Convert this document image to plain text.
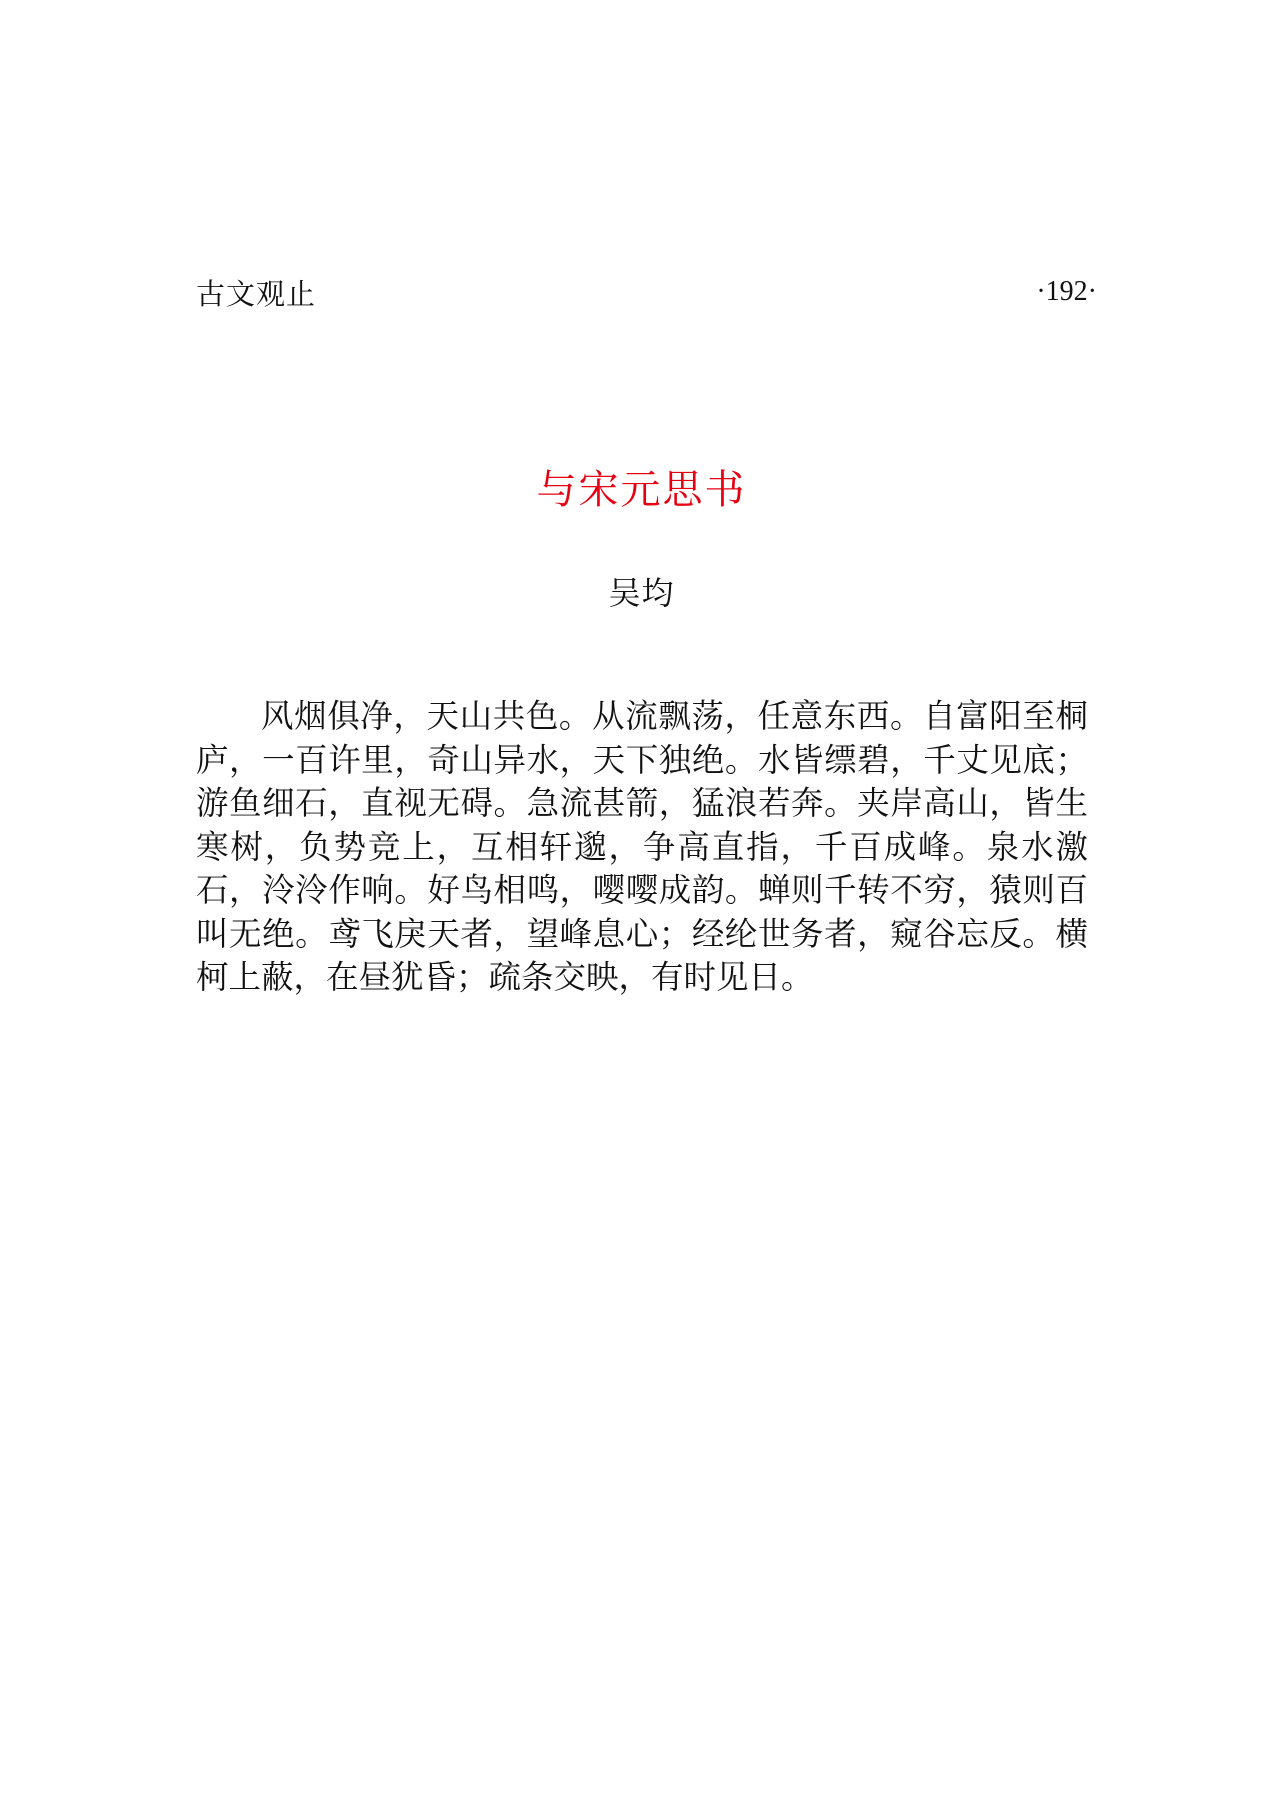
古文观止	·192·
与宋元思书
吴均

风烟俱净，天山共色。从流飘荡，任意东西。自富阳至桐庐，一百许里，奇山异水，天下独绝。水皆缥碧，千丈见底；游鱼细石，直视无碍。急流甚箭，猛浪若奔。夹岸高山，皆生寒树，负势竞上，互相轩邈，争高直指，千百成峰。泉水激石，泠泠作响。好鸟相鸣，嘤嘤成韵。蝉则千转不穷，猿则百叫无绝。鸢飞戾天者，望峰息心；经纶世务者，窥谷忘反。横柯上蔽，在昼犹昏；疏条交映，有时见日。
